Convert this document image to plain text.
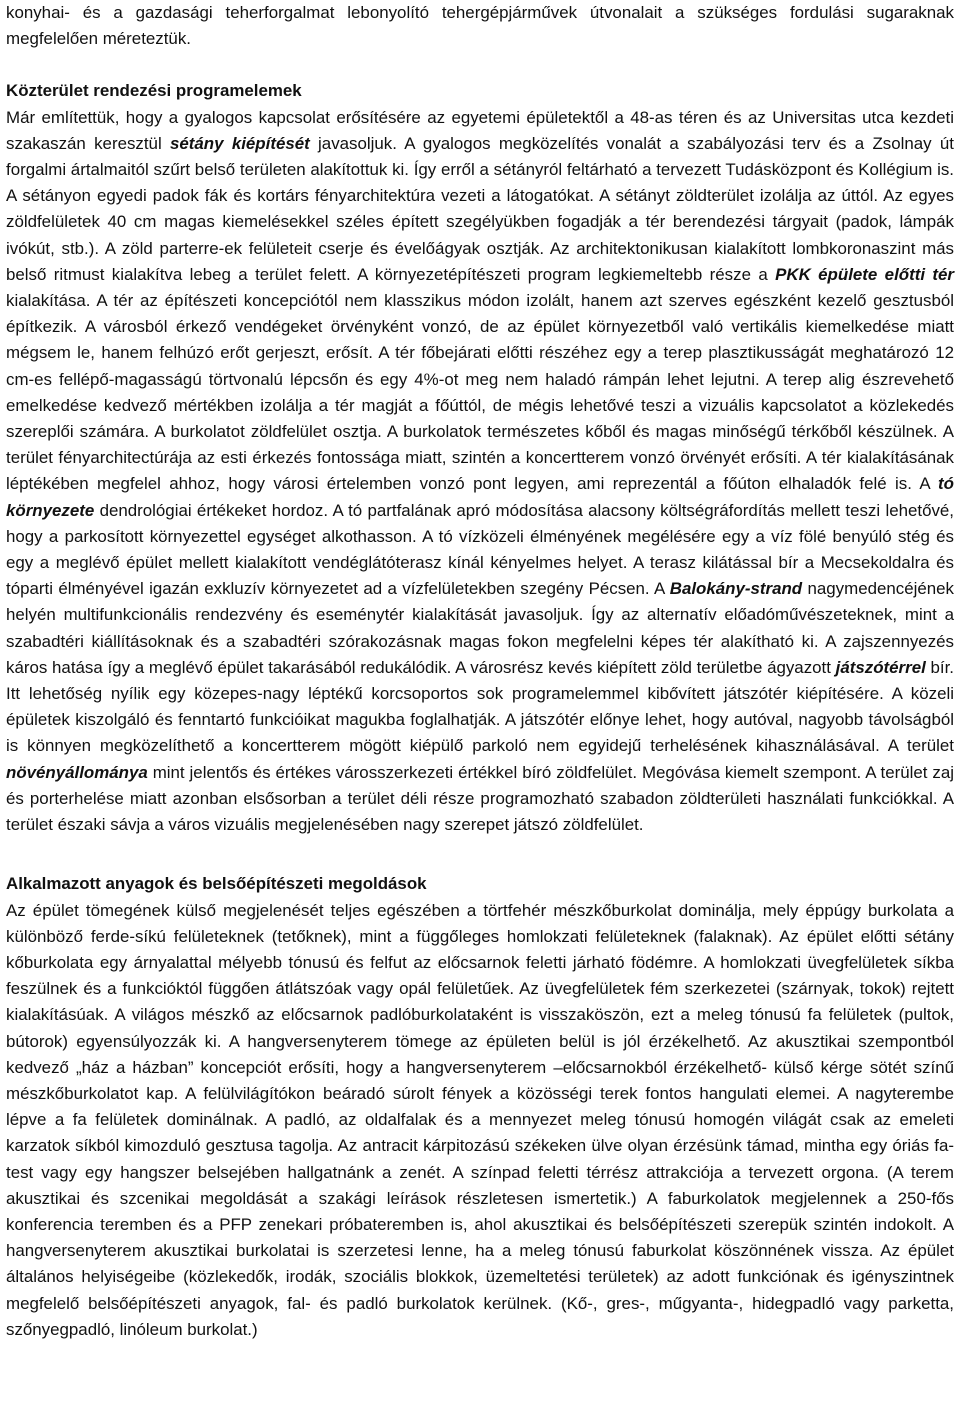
konyhai- és a gazdasági teherforgalmat lebonyolító tehergépjárművek útvonalait a szükséges fordulási sugaraknak megfelelően méreteztük.

Közterület rendezési programelemek

Már említettük, hogy a gyalogos kapcsolat erősítésére az egyetemi épületektől a 48-as téren és az Universitas utca kezdeti szakaszán keresztül sétány kiépítését javasoljuk. A gyalogos megközelítés vonalát a szabályozási terv és a Zsolnay út forgalmi ártalmaitól szűrt belső területen alakítottuk ki. Így erről a sétányról feltárható a tervezett Tudásközpont és Kollégium is. A sétányon egyedi padok fák és kortárs fényarchitektúra vezeti a látogatókat. A sétányt zöldterület izolálja az úttól. Az egyes zöldfelületek 40 cm magas kiemelésekkel széles épített szegélyükben fogadják a tér berendezési tárgyait (padok, lámpák ivókút, stb.). A zöld parterre-ek felületeit cserje és évelőágyak osztják. Az architektonikusan kialakított lombkoronaszint más belső ritmust kialakítva lebeg a terület felett. A környezetépítészeti program legkiemeltebb része a PKK épülete előtti tér kialakítása. A tér az építészeti koncepciótól nem klasszikus módon izolált, hanem azt szerves egészként kezelő gesztusból építkezik. A városból érkező vendégeket örvényként vonzó, de az épület környezetből való vertikális kiemelkedése miatt mégsem le, hanem felhúzó erőt gerjeszt, erősít. A tér főbejárati előtti részéhez egy a terep plasztikusságát meghatározó 12 cm-es fellépő-magasságú törtvonalú lépcsőn és egy 4%-ot meg nem haladó rámpán lehet lejutni. A terep alig észrevehető emelkedése kedvező mértékben izolálja a tér magját a főúttól, de mégis lehetővé teszi a vizuális kapcsolatot a közlekedés szereplői számára. A burkolatot zöldfelület osztja. A burkolatok természetes kőből és magas minőségű térkőből készülnek. A terület fényarchitectúrája az esti érkezés fontossága miatt, szintén a koncertterem vonzó örvényét erősíti. A tér kialakításának léptékében megfelel ahhoz, hogy városi értelemben vonzó pont legyen, ami reprezentál a főúton elhaladók felé is. A tó környezete dendrológiai értékeket hordoz. A tó partfalának apró módosítása alacsony költségráfordítás mellett teszi lehetővé, hogy a parkosított környezettel egységet alkothasson. A tó vízközeli élményének megélésére egy a víz fölé benyúló stég és egy a meglévő épület mellett kialakított vendéglátóterasz kínál kényelmes helyet. A terasz kilátással bír a Mecsekoldalra és tóparti élményével igazán exkluzív környezetet ad a vízfelületekben szegény Pécsen. A Balokány-strand nagymedencéjének helyén multifunkcionális rendezvény és eseménytér kialakítását javasoljuk. Így az alternatív előadóművészeteknek, mint a szabadtéri kiállításoknak és a szabadtéri szórakozásnak magas fokon megfelelni képes tér alakítható ki. A zajszennyezés káros hatása így a meglévő épület takarásából redukálódik. A városrész kevés kiépített zöld területbe ágyazott játszótérrel bír. Itt lehetőség nyílik egy közepes-nagy léptékű korcsoportos sok programelemmel kibővített játszótér kiépítésére. A közeli épületek kiszolgáló és fenntartó funkcióikat magukba foglalhatják. A játszótér előnye lehet, hogy autóval, nagyobb távolságból is könnyen megközelíthető a koncertterem mögött kiépülő parkoló nem egyidejű terhelésének kihasználásával. A terület növényállománya mint jelentős és értékes városszerkezeti értékkel bíró zöldfelület. Megóvása kiemelt szempont. A terület zaj és porterhelése miatt azonban elsősorban a terület déli része programozható szabadon zöldterületi használati funkciókkal. A terület északi sávja a város vizuális megjelenésében nagy szerepet játszó zöldfelület.

Alkalmazott anyagok és belsőépítészeti megoldások

Az épület tömegének külső megjelenését teljes egészében a törtfehér mészkőburkolat dominálja, mely éppúgy burkolata a különböző ferde-síkú felületeknek (tetőknek), mint a függőleges homlokzati felületeknek (falaknak). Az épület előtti sétány kőburkolata egy árnyalattal mélyebb tónusú és felfut az előcsarnok feletti járható födémre. A homlokzati üvegfelületek síkba feszülnek és a funkcióktól függően átlátszóak vagy opál felületűek. Az üvegfelületek fém szerkezetei (szárnyak, tokok) rejtett kialakításúak. A világos mészkő az előcsarnok padlóburkolataként is visszaköszön, ezt a meleg tónusú fa felületek (pultok, bútorok) egyensúlyozzák ki. A hangversenyterem tömege az épületen belül is jól érzékelhető. Az akusztikai szempontból kedvező „ház a házban” koncepciót erősíti, hogy a hangversenyterem –előcsarnokból érzékelhető- külső kérge sötét színű mészkőburkolatot kap. A felülvilágítókon beáradó súrolt fények a közösségi terek fontos hangulati elemei. A nagyterembe lépve a fa felületek dominálnak. A padló, az oldalfalak és a mennyezet meleg tónusú homogén világát csak az emeleti karzatok síkból kimozduló gesztusa tagolja. Az antracit kárpitozású székeken ülve olyan érzésünk támad, mintha egy óriás fa-test vagy egy hangszer belsejében hallgatnánk a zenét. A színpad feletti térrész attrakciója a tervezett orgona. (A terem akusztikai és szcenikai megoldását a szakági leírások részletesen ismertetik.) A faburkolatok megjelennek a 250-fős konferencia teremben és a PFP zenekari próbateremben is, ahol akusztikai és belsőépítészeti szerepük szintén indokolt. A hangversenyterem akusztikai burkolatai is szerzetesi lenne, ha a meleg tónusú faburkolat köszönnének vissza. Az épület általános helyiségeibe (közlekedők, irodák, szociális blokkok, üzemeltetési területek) az adott funkciónak és igényszintnek megfelelő belsőépítészeti anyagok, fal- és padló burkolatok kerülnek. (Kő-, gres-, műgyanta-, hidegpadló vagy parketta, szőnyegpadló, linóleum burkolat.)
